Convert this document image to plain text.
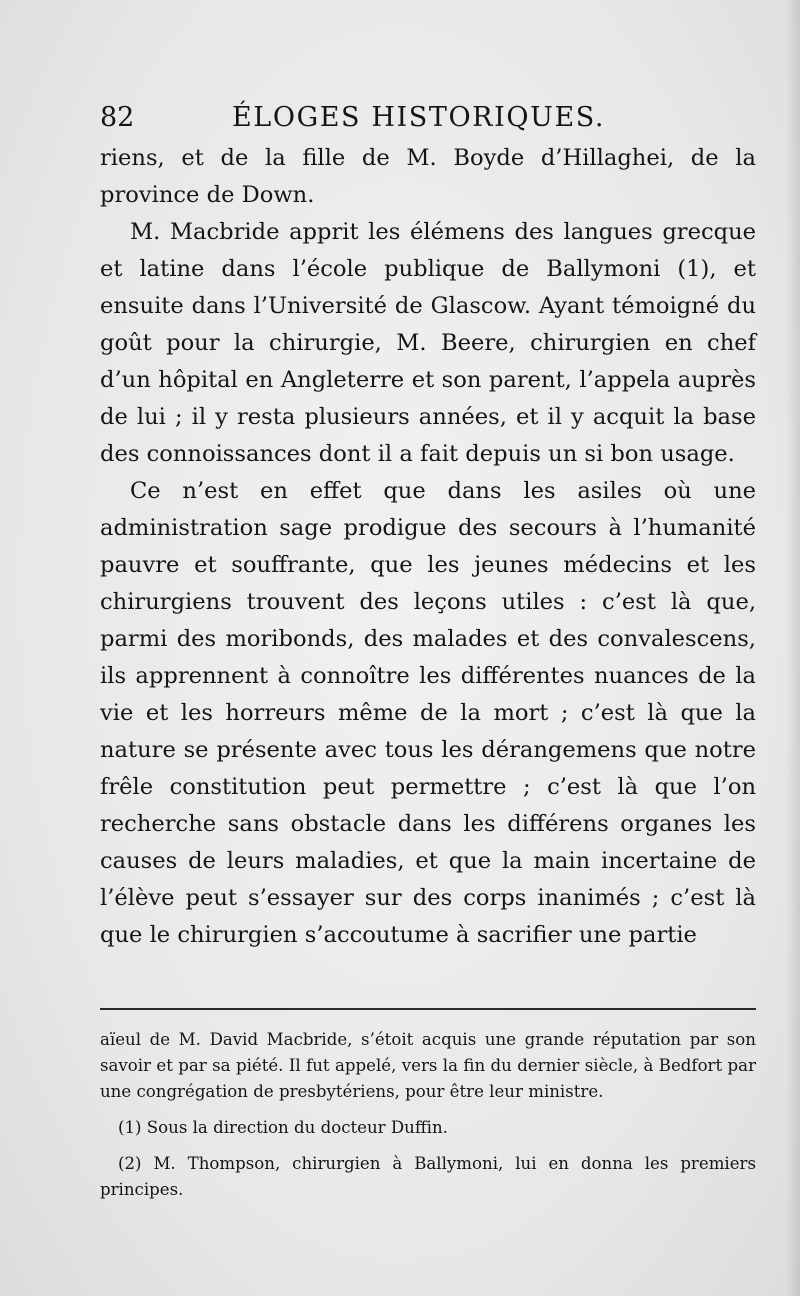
82	ÉLOGES HISTORIQUES.

riens, et de la fille de M. Boyde d’Hillaghei, de la province de Down.

M. Macbride apprit les élémens des langues grecque et latine dans l’école publique de Ballymoni (1), et ensuite dans l’Université de Glascow. Ayant témoigné du goût pour la chirurgie, M. Beere, chirurgien en chef d’un hôpital en Angleterre et son parent, l’appela auprès de lui ; il y resta plusieurs années, et il y acquit la base des connoissances dont il a fait depuis un si bon usage.

Ce n’est en effet que dans les asiles où une administration sage prodigue des secours à l’humanité pauvre et souffrante, que les jeunes médecins et les chirurgiens trouvent des leçons utiles : c’est là que, parmi des moribonds, des malades et des convalescens, ils apprennent à connoître les différentes nuances de la vie et les horreurs même de la mort ; c’est là que la nature se présente avec tous les dérangemens que notre frêle constitution peut permettre ; c’est là que l’on recherche sans obstacle dans les différens organes les causes de leurs maladies, et que la main incertaine de l’élève peut s’essayer sur des corps inanimés ; c’est là que le chirurgien s’accoutume à sacrifier une partie

aïeul de M. David Macbride, s’étoit acquis une grande réputation par son savoir et par sa piété. Il fut appelé, vers la fin du dernier siècle, à Bedfort par une congrégation de presbytériens, pour être leur ministre.

(1) Sous la direction du docteur Duffin.

(2) M. Thompson, chirurgien à Ballymoni, lui en donna les premiers principes.
